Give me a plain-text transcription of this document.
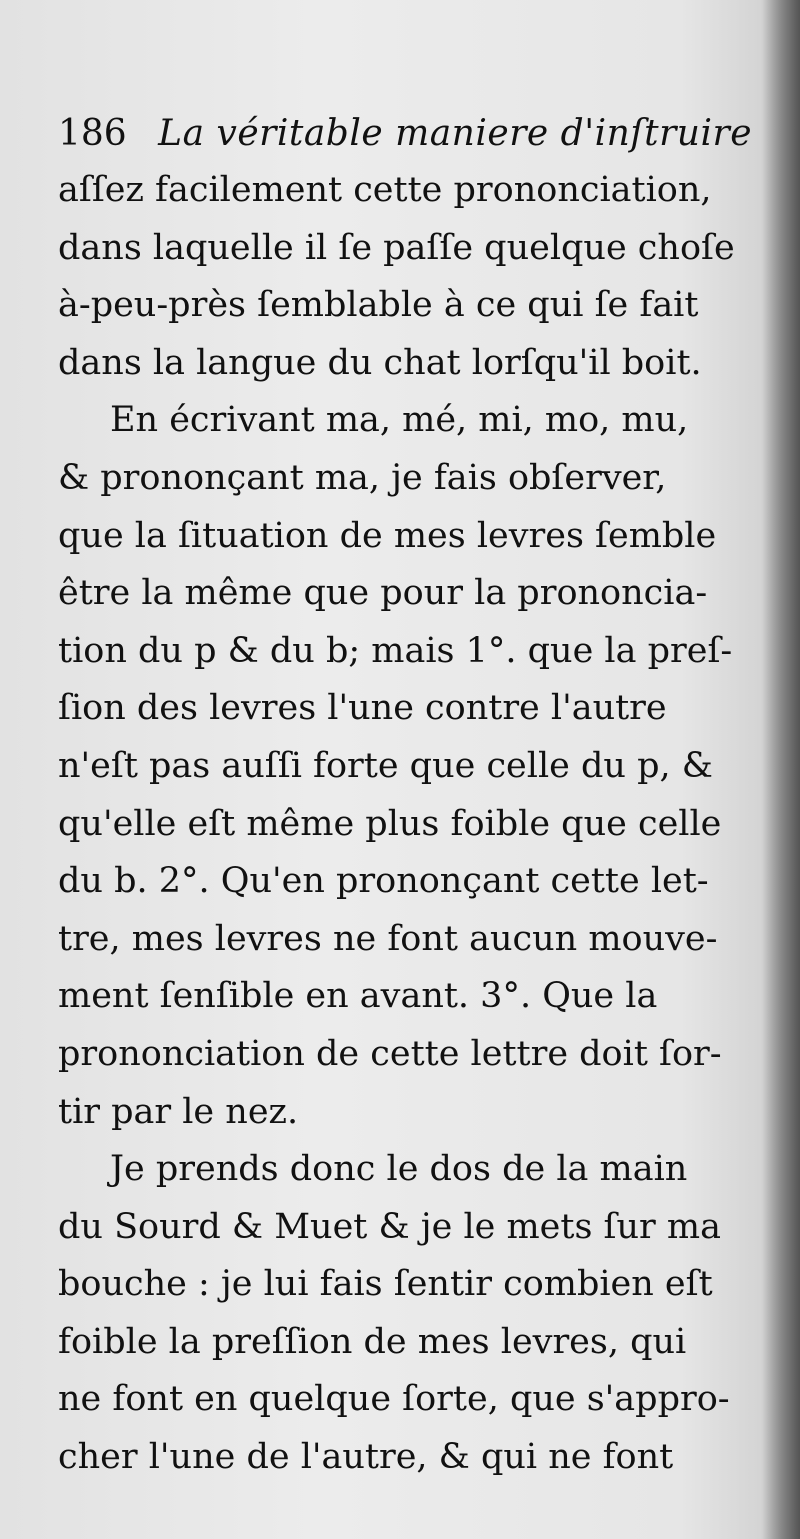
186 La véritable maniere d'inſtruire
aſſez facilement cette prononciation,
dans laquelle il ſe paſſe quelque choſe
à-peu-près ſemblable à ce qui ſe fait
dans la langue du chat lorſqu'il boit.
En écrivant ma, mé, mi, mo, mu,
& prononçant ma, je fais obſerver,
que la ſituation de mes levres ſemble
être la même que pour la prononcia-
tion du p & du b; mais 1°. que la preſ-
ſion des levres l'une contre l'autre
n'eſt pas auſſi forte que celle du p, &
qu'elle eſt même plus foible que celle
du b. 2°. Qu'en prononçant cette let-
tre, mes levres ne font aucun mouve-
ment ſenſible en avant. 3°. Que la
prononciation de cette lettre doit ſor-
tir par le nez.
Je prends donc le dos de la main
du Sourd & Muet & je le mets ſur ma
bouche : je lui fais ſentir combien eſt
foible la preſſion de mes levres, qui
ne font en quelque ſorte, que s'appro-
cher l'une de l'autre, & qui ne font
